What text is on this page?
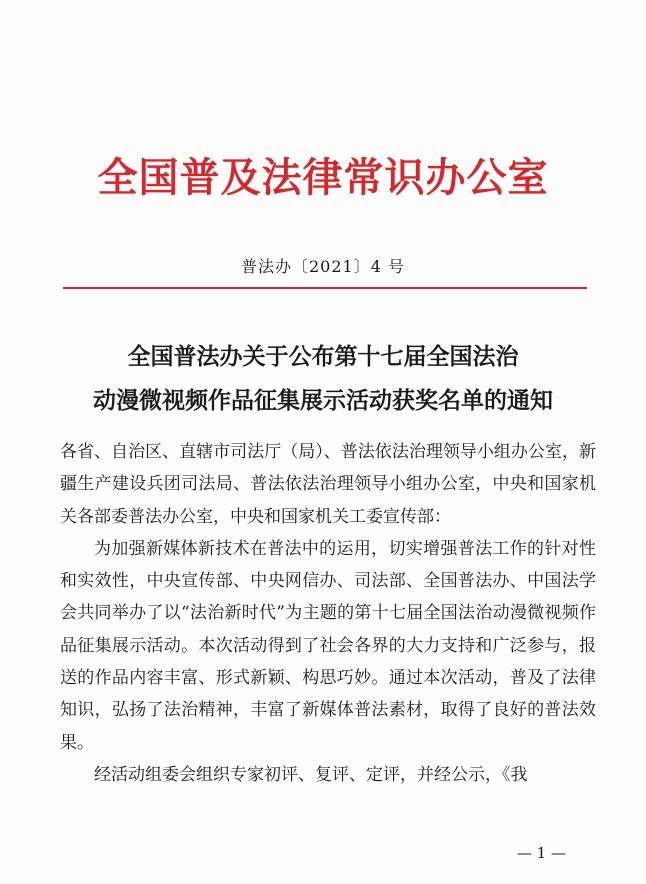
全国普及法律常识办公室
普法办〔2021〕4 号
全国普法办关于公布第十七届全国法治
动漫微视频作品征集展示活动获奖名单的通知

各省、自治区、直辖市司法厅（局）、普法依法治理领导小组办公室，新疆生产建设兵团司法局、普法依法治理领导小组办公室，中央和国家机关各部委普法办公室，中央和国家机关工委宣传部：

为加强新媒体新技术在普法中的运用，切实增强普法工作的针对性和实效性，中央宣传部、中央网信办、司法部、全国普法办、中国法学会共同举办了以“法治新时代”为主题的第十七届全国法治动漫微视频作品征集展示活动。本次活动得到了社会各界的大力支持和广泛参与，报送的作品内容丰富、形式新颖、构思巧妙。通过本次活动，普及了法律知识，弘扬了法治精神，丰富了新媒体普法素材，取得了良好的普法效果。

经活动组委会组织专家初评、复评、定评，并经公示，《我

— 1 —
